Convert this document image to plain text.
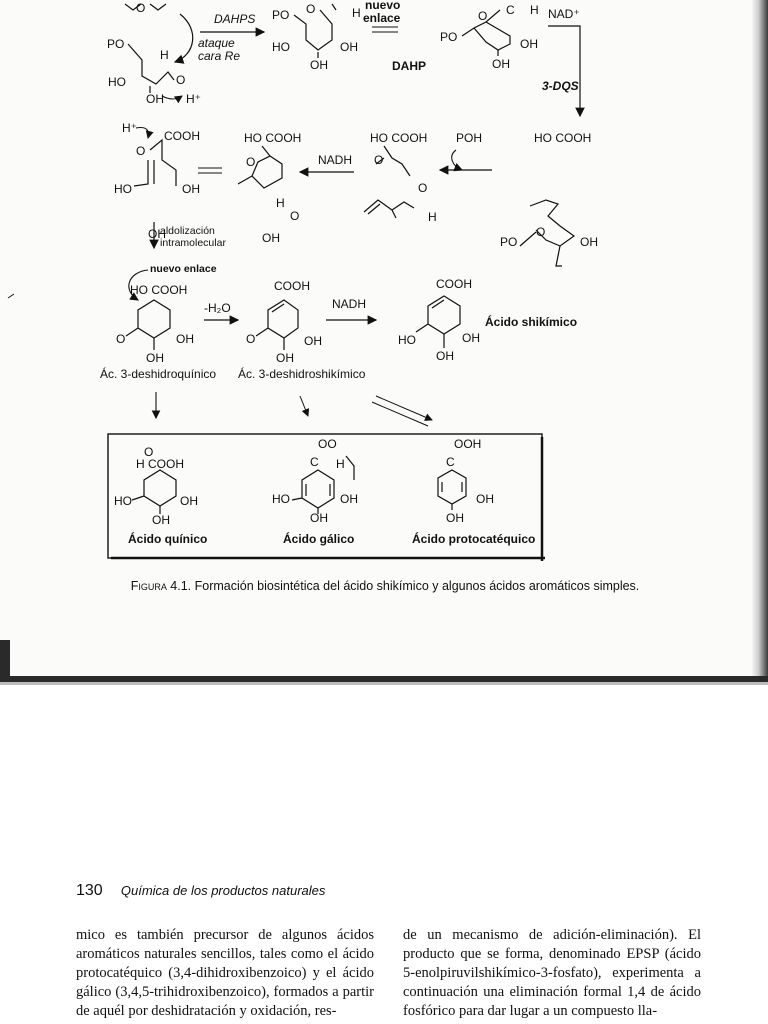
O
DAHPS
ataque
cara Re
PO
H
HO	O
OH H⁺
PO O
HO	OH
OH
H
nuevo
enlace
DAHP
O C
PO	OH
OH
H NAD⁺
3-DQS
H⁺
COOH
O
HO	OH
HO COOH
O
H
O
OH
NADH
HO COOH
O
POH
O
H
HO COOH
O
PO	OH
OH
aldolización
intramolecular
nuevo enlace
HO COOH
O	OH
OH
Ác. 3-deshidroquínico
-H₂O
COOH
O	OH
OH
Ác. 3-deshidroshikímico
NADH
COOH
HO	OH
OH
Ácido shikímico
O
H COOH
HO	OH
OH
Ácido quínico
OO
C H
HO	OH
OH
Ácido gálico
OOH
C
OH
OH
Ácido protocatéquico
Figura 4.1. Formación biosintética del ácido shikímico y algunos ácidos aromáticos simples.
130 Química de los productos naturales
mico es también precursor de algunos ácidos aromáticos naturales sencillos, tales como el ácido protocatéquico (3,4-dihidroxibenzoico) y el ácido gálico (3,4,5-trihidroxibenzoico), formados a partir de aquél por deshidratación y oxidación, res-
de un mecanismo de adición-eliminación). El producto que se forma, denominado EPSP (ácido 5-enolpiruvilshikímico-3-fosfato), experimenta a continuación una eliminación formal 1,4 de ácido fosfórico para dar lugar a un compuesto lla-
